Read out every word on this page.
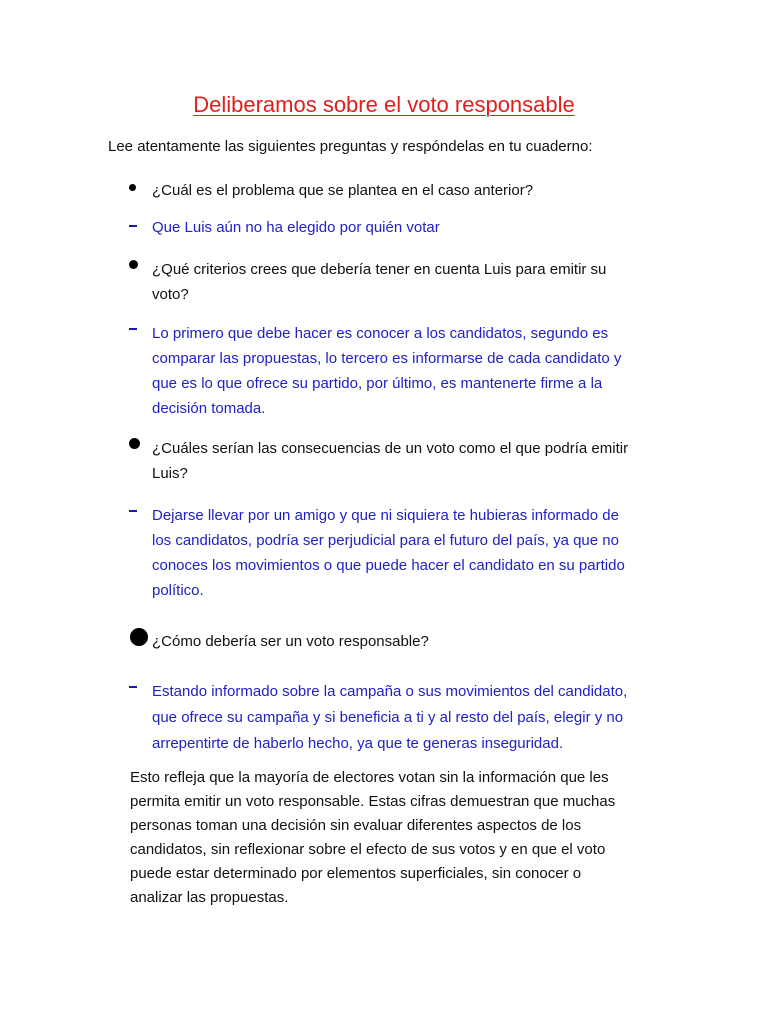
Deliberamos sobre el voto responsable

Lee atentamente las siguientes preguntas y respóndelas en tu cuaderno:

¿Cuál es el problema que se plantea en el caso anterior?

Que Luis aún no ha elegido por quién votar

¿Qué criterios crees que debería tener en cuenta Luis para emitir su
voto?

Lo primero que debe hacer es conocer a los candidatos, segundo es
comparar las propuestas, lo tercero es informarse de cada candidato y
que es lo que ofrece su partido, por último, es mantenerte firme a la
decisión tomada.

¿Cuáles serían las consecuencias de un voto como el que podría emitir
Luis?

Dejarse llevar por un amigo y que ni siquiera te hubieras informado de
los candidatos, podría ser perjudicial para el futuro del país, ya que no
conoces los movimientos o que puede hacer el candidato en su partido
político.

¿Cómo debería ser un voto responsable?

Estando informado sobre la campaña o sus movimientos del candidato,
que ofrece su campaña y si beneficia a ti y al resto del país, elegir y no
arrepentirte de haberlo hecho, ya que te generas inseguridad.

Esto refleja que la mayoría de electores votan sin la información que les
permita emitir un voto responsable. Estas cifras demuestran que muchas
personas toman una decisión sin evaluar diferentes aspectos de los
candidatos, sin reflexionar sobre el efecto de sus votos y en que el voto
puede estar determinado por elementos superficiales, sin conocer o
analizar las propuestas.
